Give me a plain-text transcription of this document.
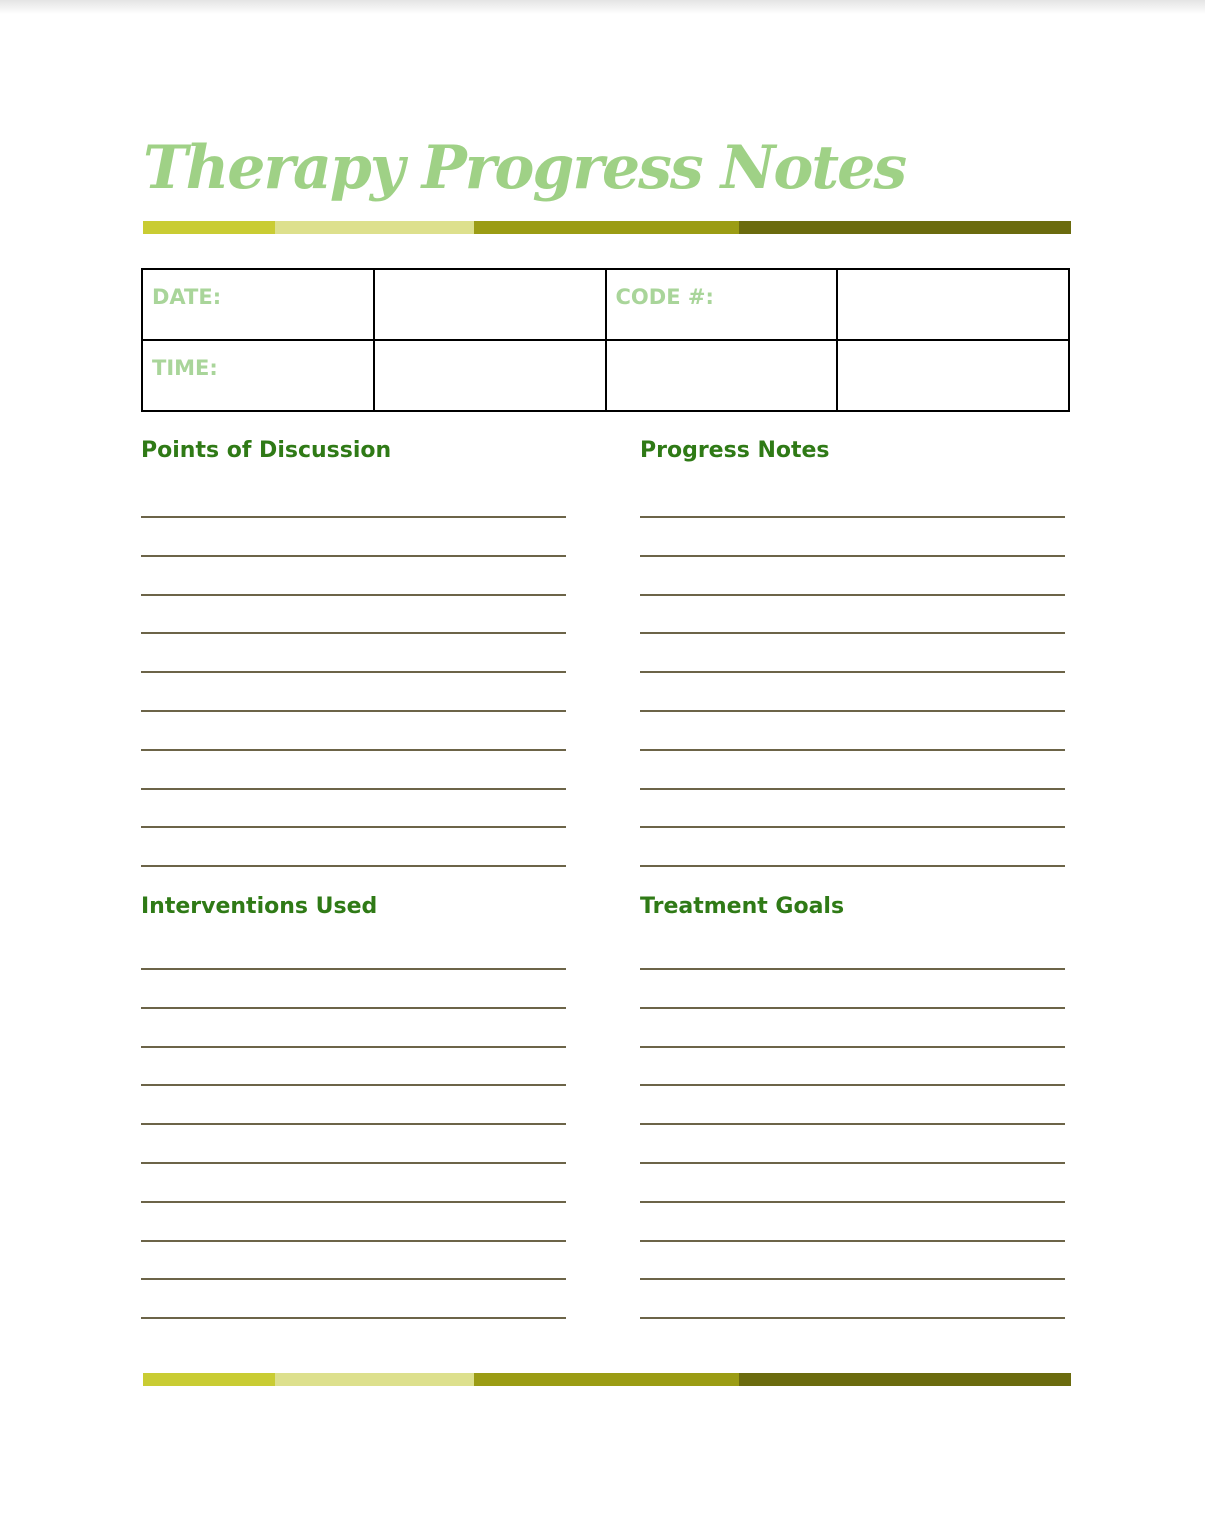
Therapy Progress Notes
DATE:		CODE #:	
TIME:			
Points of Discussion	Progress Notes
Interventions Used	Treatment Goals
